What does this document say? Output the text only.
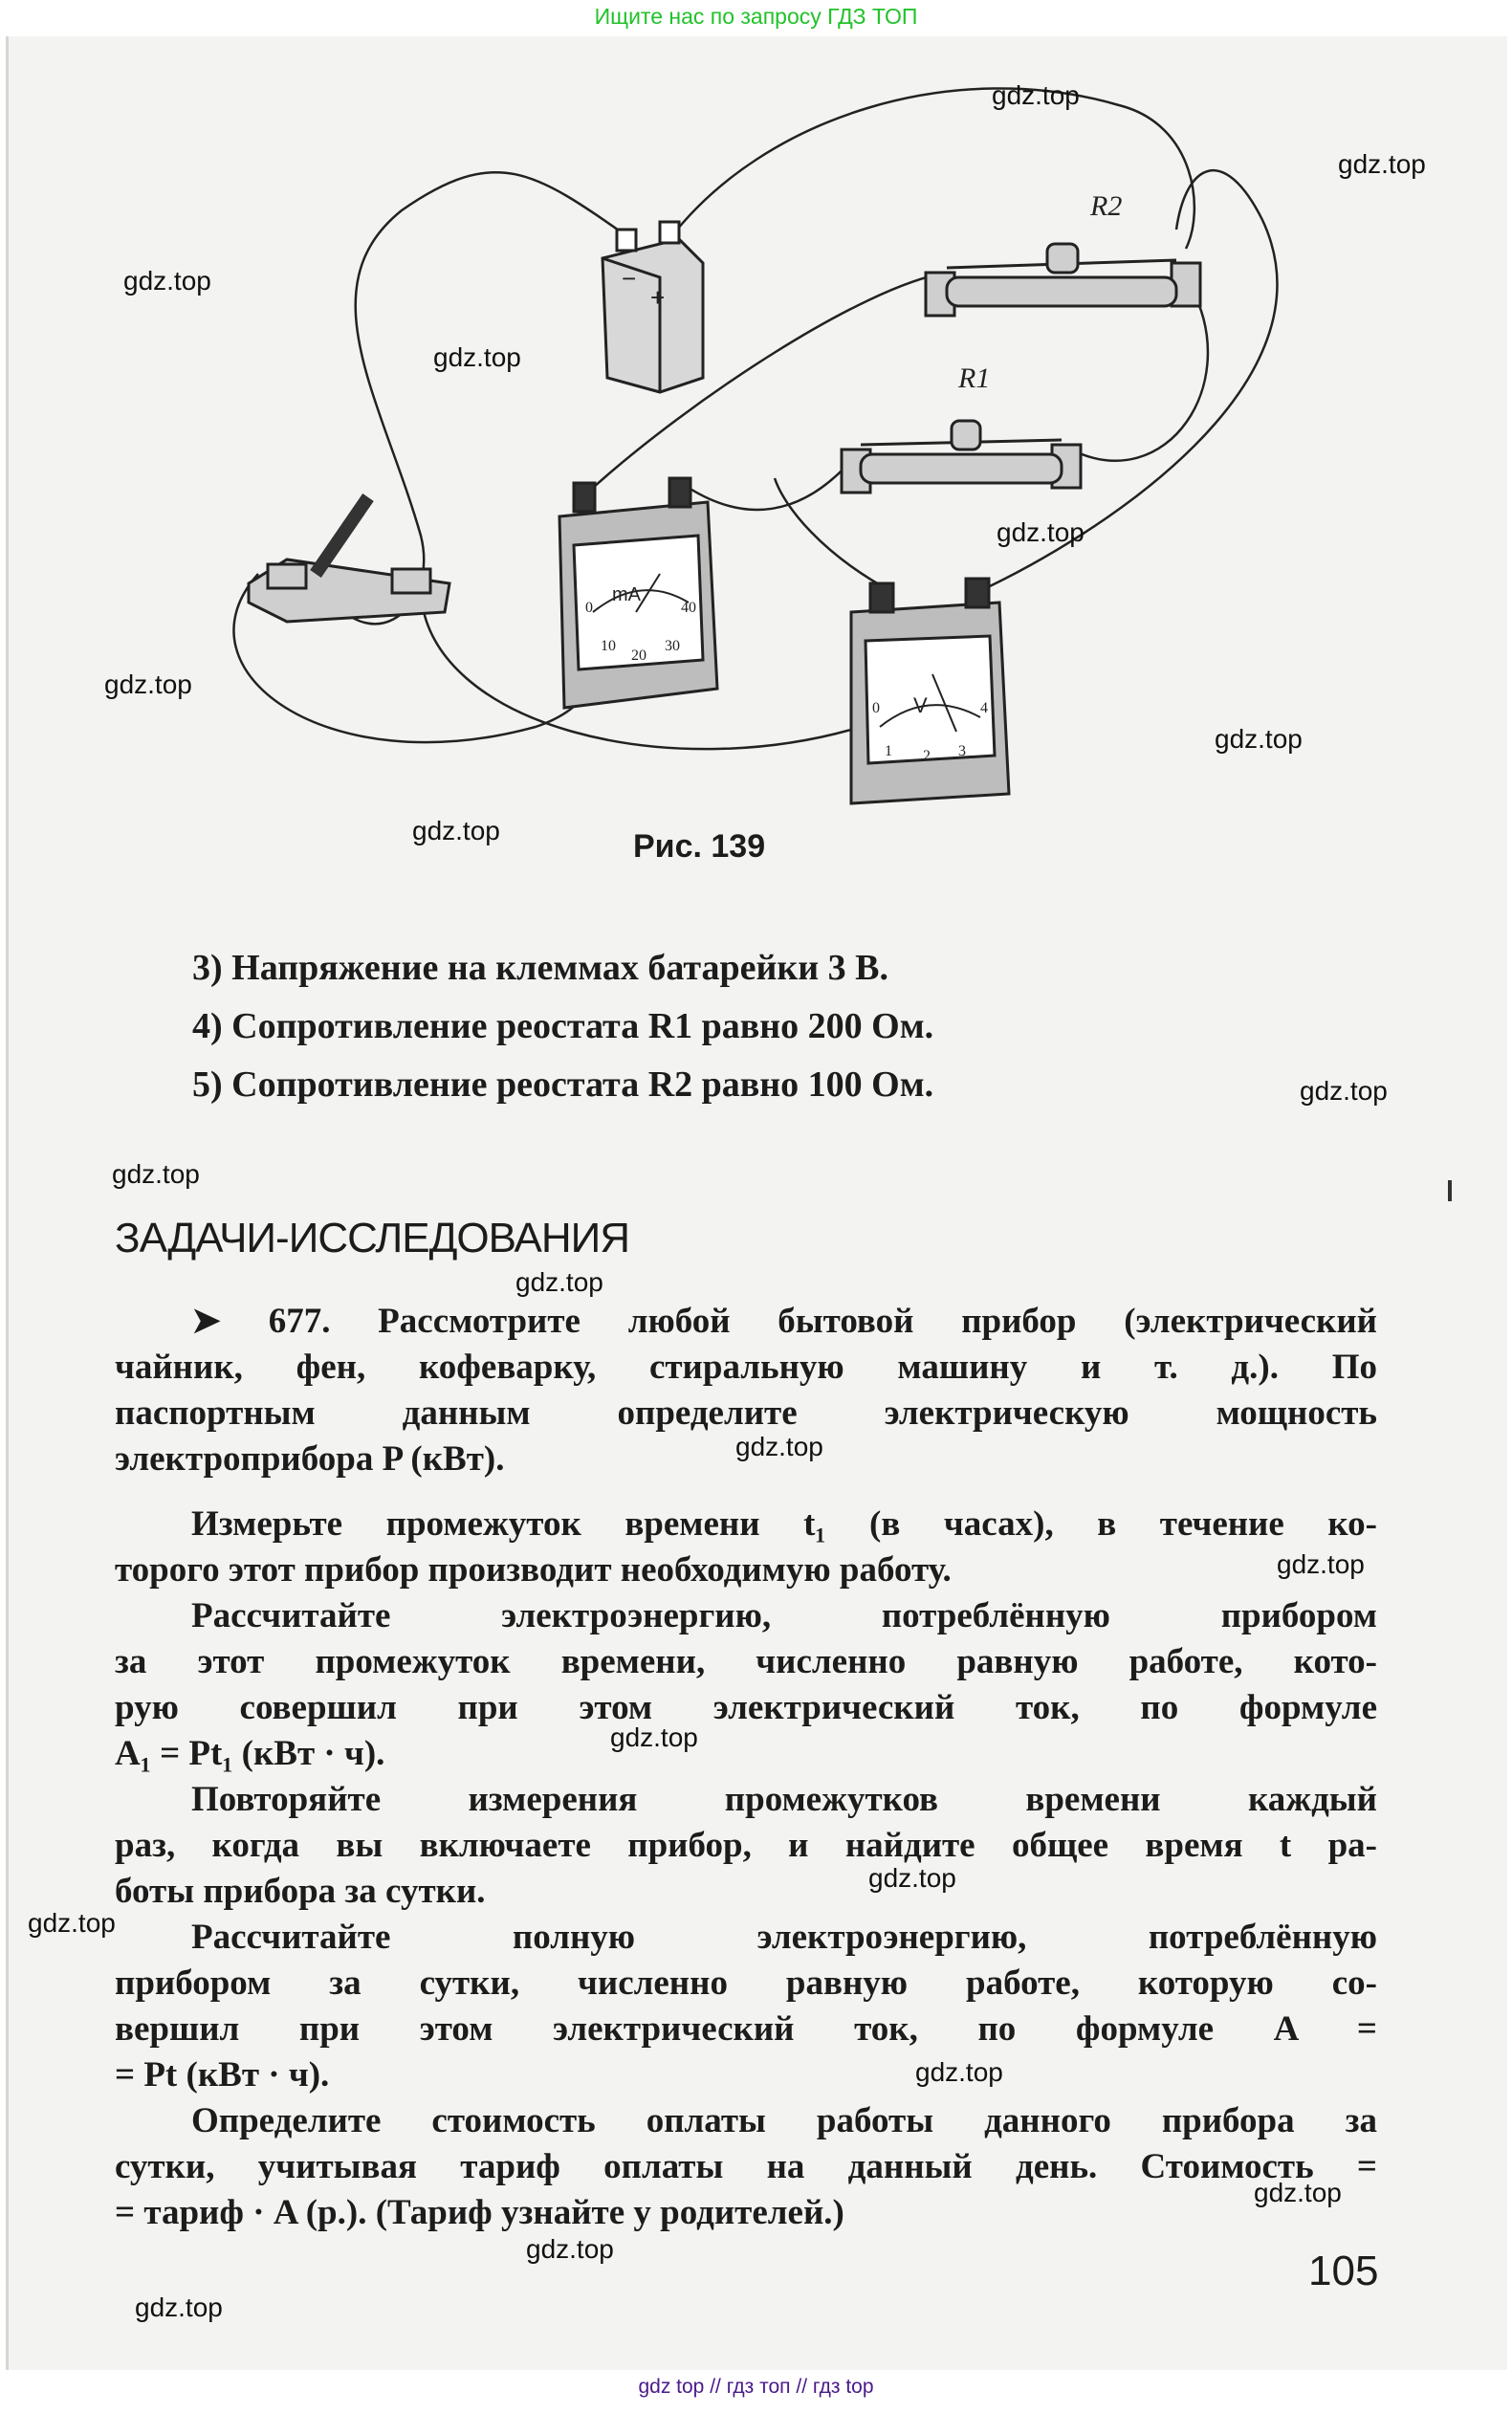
Ищите нас по запросу ГДЗ ТОП
−
+
mA
0
10
20
30
40
V
0
1 2 3
4
R2
R1
Рис. 139
3) Напряжение на клеммах батарейки 3 В.
4) Сопротивление реостата R1 равно 200 Ом.
5) Сопротивление реостата R2 равно 100 Ом.
ЗАДАЧИ-ИССЛЕДОВАНИЯ
➤ 677. Рассмотрите любой бытовой прибор (электрический
чайник, фен, кофеварку, стиральную машину и т. д.). По
паспортным данным определите электрическую мощность
электроприбора P (кВт).
Измерьте промежуток времени t₁ (в часах), в течение ко-
торого этот прибор производит необходимую работу.
Рассчитайте электроэнергию, потреблённую прибором
за этот промежуток времени, численно равную работе, кото-
рую совершил при этом электрический ток, по формуле
A₁ = Pt₁ (кВт · ч).
Повторяйте измерения промежутков времени каждый
раз, когда вы включаете прибор, и найдите общее время t ра-
боты прибора за сутки.
Рассчитайте полную электроэнергию, потреблённую
прибором за сутки, численно равную работе, которую со-
вершил при этом электрический ток, по формуле A =
= Pt (кВт · ч).
Определите стоимость оплаты работы данного прибора за
сутки, учитывая тариф оплаты на данный день. Стоимость =
= тариф · A (р.). (Тариф узнайте у родителей.)
105
gdz.top
gdz.top
gdz.top
gdz.top
gdz.top
gdz.top
gdz.top
gdz.top
gdz.top
gdz.top
gdz.top
gdz.top
gdz.top
gdz.top
gdz.top
gdz.top
gdz.top
gdz.top
gdz.top
gdz.top
gdz top // гдз топ // гдз top
